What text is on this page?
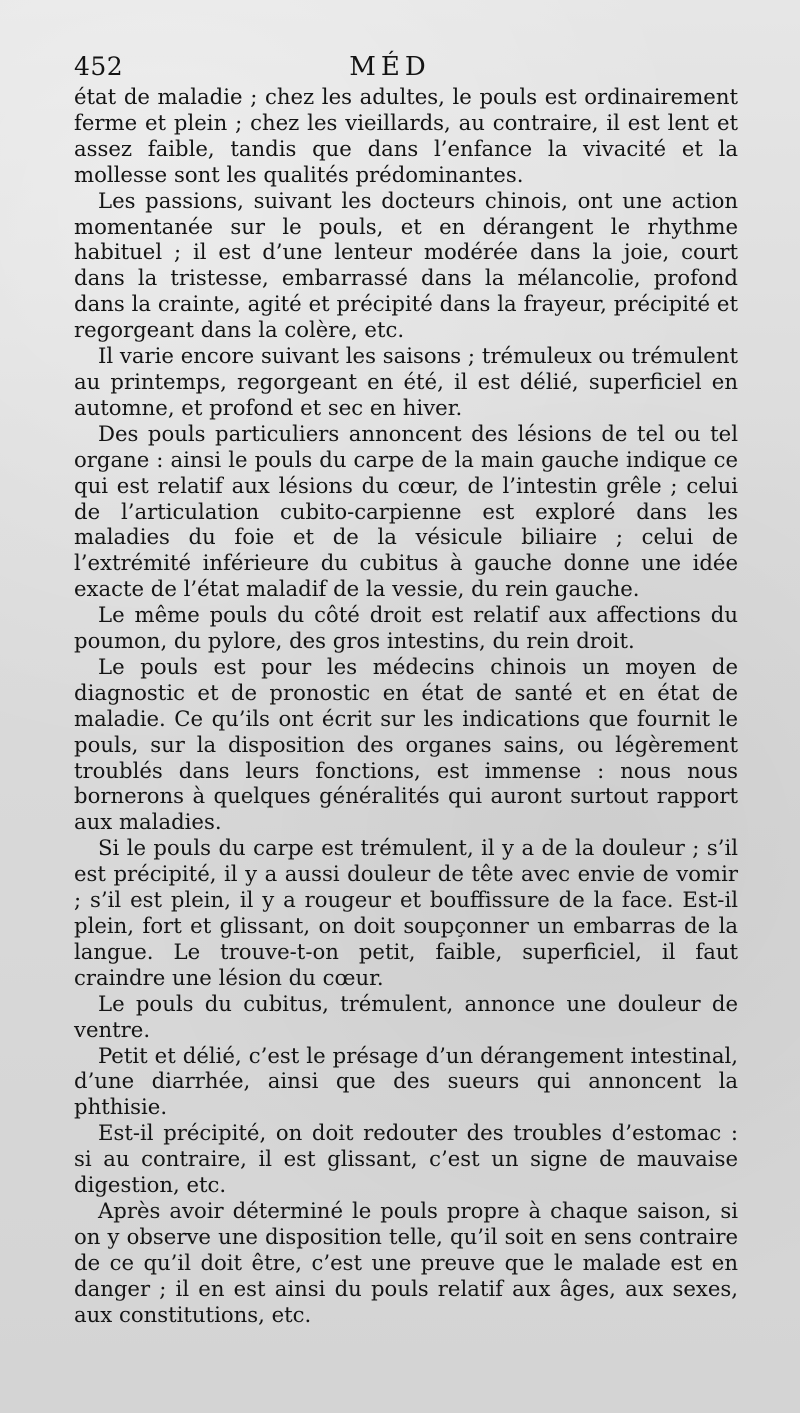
452	MÉD

état de maladie ; chez les adultes, le pouls est ordinairement ferme et plein ; chez les vieillards, au contraire, il est lent et assez faible, tandis que dans l’enfance la vivacité et la mollesse sont les qualités prédominantes.

Les passions, suivant les docteurs chinois, ont une action momentanée sur le pouls, et en dérangent le rhythme habituel ; il est d’une lenteur modérée dans la joie, court dans la tristesse, embarrassé dans la mélancolie, profond dans la crainte, agité et précipité dans la frayeur, précipité et regorgeant dans la colère, etc.

Il varie encore suivant les saisons ; trémuleux ou trémulent au printemps, regorgeant en été, il est délié, superficiel en automne, et profond et sec en hiver.

Des pouls particuliers annoncent des lésions de tel ou tel organe : ainsi le pouls du carpe de la main gauche indique ce qui est relatif aux lésions du cœur, de l’intestin grêle ; celui de l’articulation cubito-carpienne est exploré dans les maladies du foie et de la vésicule biliaire ; celui de l’extrémité inférieure du cubitus à gauche donne une idée exacte de l’état maladif de la vessie, du rein gauche.

Le même pouls du côté droit est relatif aux affections du poumon, du pylore, des gros intestins, du rein droit.

Le pouls est pour les médecins chinois un moyen de diagnostic et de pronostic en état de santé et en état de maladie. Ce qu’ils ont écrit sur les indications que fournit le pouls, sur la disposition des organes sains, ou légèrement troublés dans leurs fonctions, est immense : nous nous bornerons à quelques généralités qui auront surtout rapport aux maladies.

Si le pouls du carpe est trémulent, il y a de la douleur ; s’il est précipité, il y a aussi douleur de tête avec envie de vomir ; s’il est plein, il y a rougeur et bouffissure de la face. Est-il plein, fort et glissant, on doit soupçonner un embarras de la langue. Le trouve-t-on petit, faible, superficiel, il faut craindre une lésion du cœur.

Le pouls du cubitus, trémulent, annonce une douleur de ventre.

Petit et délié, c’est le présage d’un dérangement intestinal, d’une diarrhée, ainsi que des sueurs qui annoncent la phthisie.

Est-il précipité, on doit redouter des troubles d’estomac : si au contraire, il est glissant, c’est un signe de mauvaise digestion, etc.

Après avoir déterminé le pouls propre à chaque saison, si on y observe une disposition telle, qu’il soit en sens contraire de ce qu’il doit être, c’est une preuve que le malade est en danger ; il en est ainsi du pouls relatif aux âges, aux sexes, aux constitutions, etc.
